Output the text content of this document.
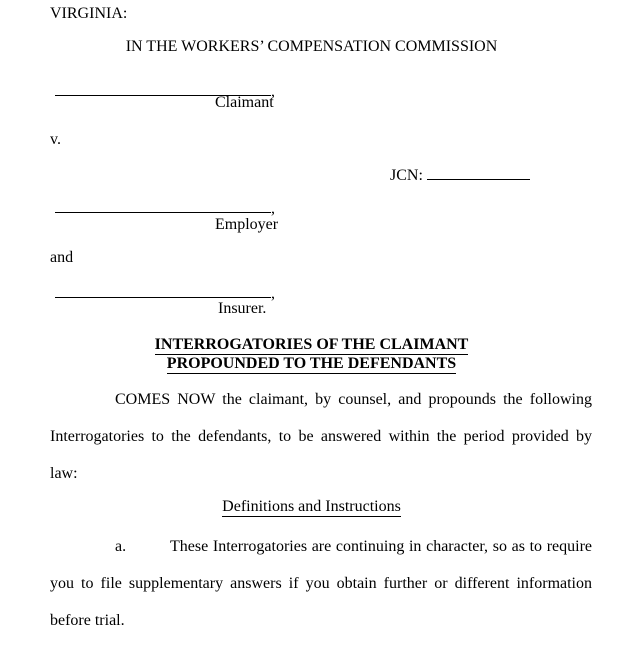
VIRGINIA:
IN THE WORKERS’ COMPENSATION COMMISSION
,
Claimant
v.
JCN:
,
Employer
and
,
Insurer.
INTERROGATORIES OF THE CLAIMANT
PROPOUNDED TO THE DEFENDANTS
COMES NOW the claimant, by counsel, and propounds the following
Interrogatories to the defendants, to be answered within the period provided by
law:
Definitions and Instructions
a.	These Interrogatories are continuing in character, so as to require
you to file supplementary answers if you obtain further or different information
before trial.
